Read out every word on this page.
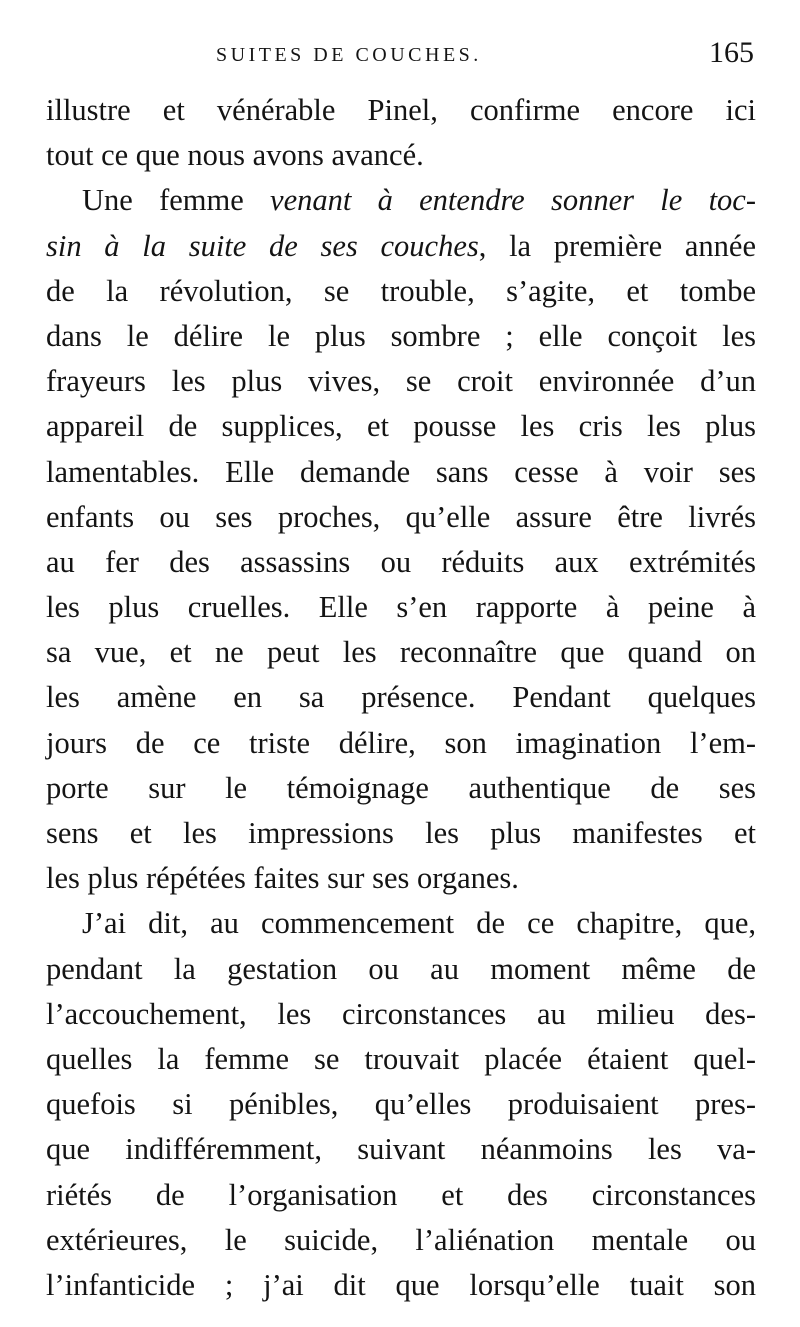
SUITES DE COUCHES.	165
illustre et vénérable Pinel, confirme encore ici
tout ce que nous avons avancé.
Une femme venant à entendre sonner le toc-
sin à la suite de ses couches, la première année
de la révolution, se trouble, s’agite, et tombe
dans le délire le plus sombre ; elle conçoit les
frayeurs les plus vives, se croit environnée d’un
appareil de supplices, et pousse les cris les plus
lamentables. Elle demande sans cesse à voir ses
enfants ou ses proches, qu’elle assure être livrés
au fer des assassins ou réduits aux extrémités
les plus cruelles. Elle s’en rapporte à peine à
sa vue, et ne peut les reconnaître que quand on
les amène en sa présence. Pendant quelques
jours de ce triste délire, son imagination l’em-
porte sur le témoignage authentique de ses
sens et les impressions les plus manifestes et
les plus répétées faites sur ses organes.
J’ai dit, au commencement de ce chapitre, que,
pendant la gestation ou au moment même de
l’accouchement, les circonstances au milieu des-
quelles la femme se trouvait placée étaient quel-
quefois si pénibles, qu’elles produisaient pres-
que indifféremment, suivant néanmoins les va-
riétés de l’organisation et des circonstances
extérieures, le suicide, l’aliénation mentale ou
l’infanticide ; j’ai dit que lorsqu’elle tuait son
